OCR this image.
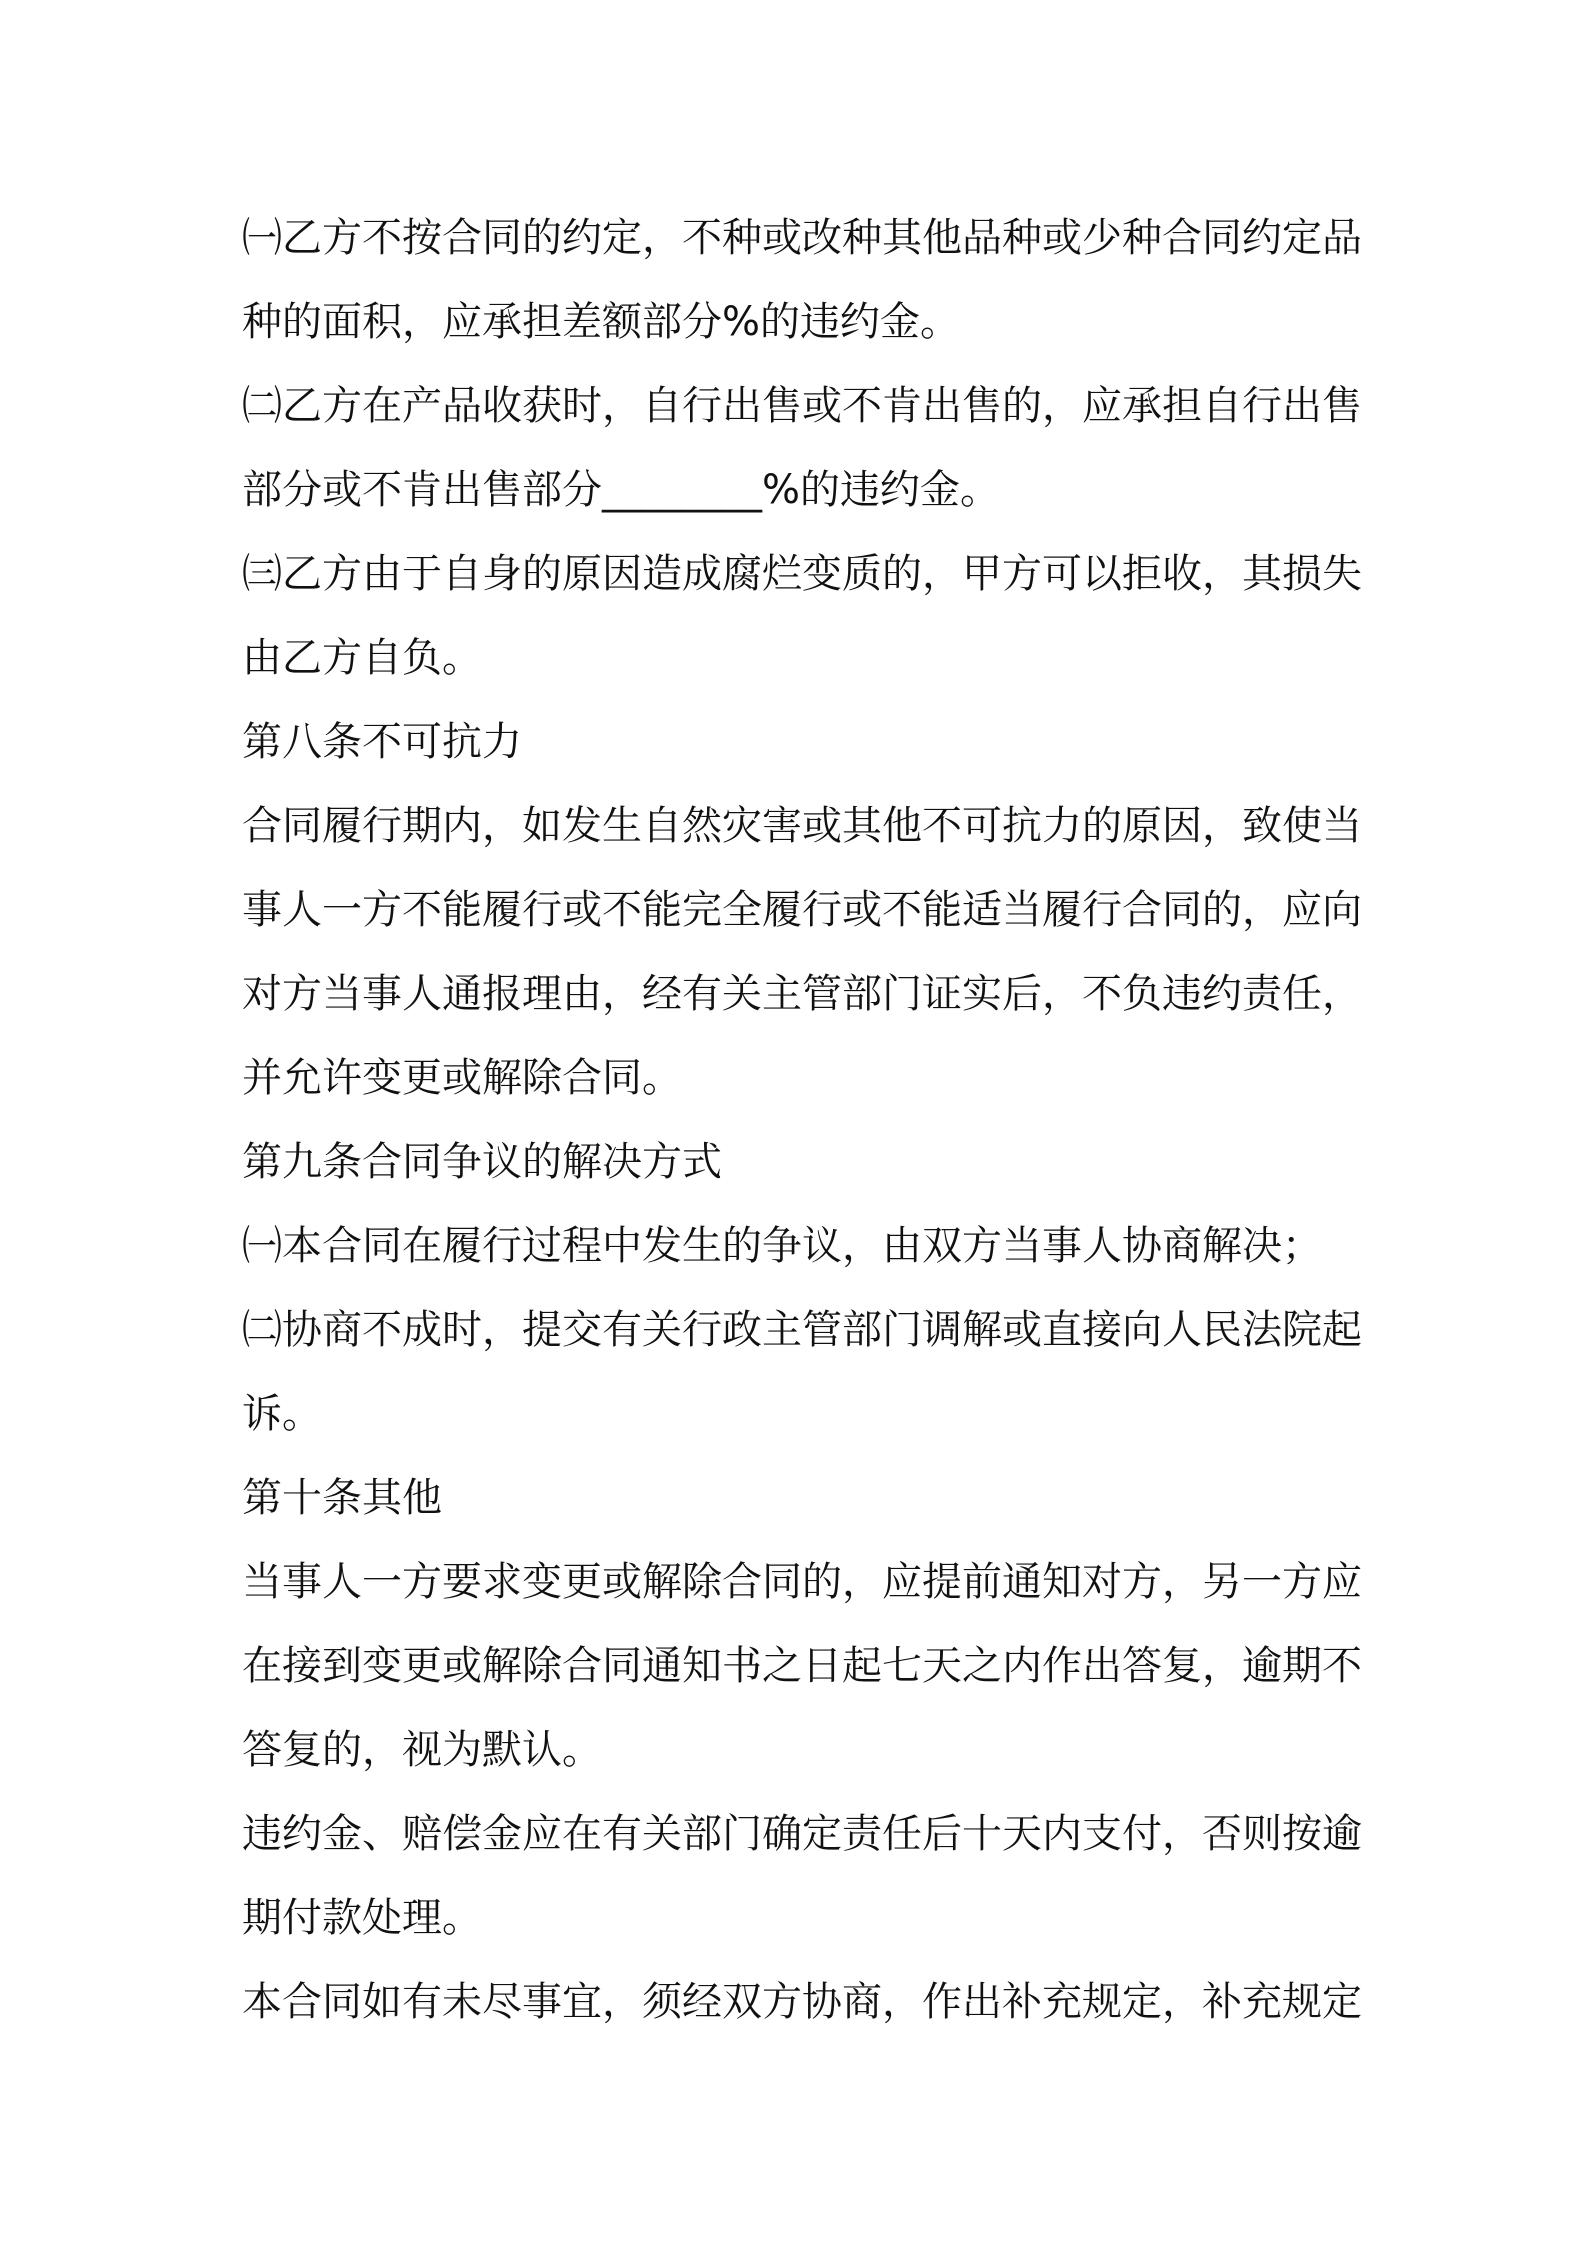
㈠乙方不按合同的约定，不种或改种其他品种或少种合同约定品
种的面积，应承担差额部分%的违约金。
㈡乙方在产品收获时，自行出售或不肯出售的，应承担自行出售
部分或不肯出售部分________%的违约金。
㈢乙方由于自身的原因造成腐烂变质的，甲方可以拒收，其损失
由乙方自负。
第八条不可抗力
合同履行期内，如发生自然灾害或其他不可抗力的原因，致使当
事人一方不能履行或不能完全履行或不能适当履行合同的，应向
对方当事人通报理由，经有关主管部门证实后，不负违约责任，
并允许变更或解除合同。
第九条合同争议的解决方式
㈠本合同在履行过程中发生的争议，由双方当事人协商解决；
㈡协商不成时，提交有关行政主管部门调解或直接向人民法院起
诉。
第十条其他
当事人一方要求变更或解除合同的，应提前通知对方，另一方应
在接到变更或解除合同通知书之日起七天之内作出答复，逾期不
答复的，视为默认。
违约金、赔偿金应在有关部门确定责任后十天内支付，否则按逾
期付款处理。
本合同如有未尽事宜，须经双方协商，作出补充规定，补充规定
